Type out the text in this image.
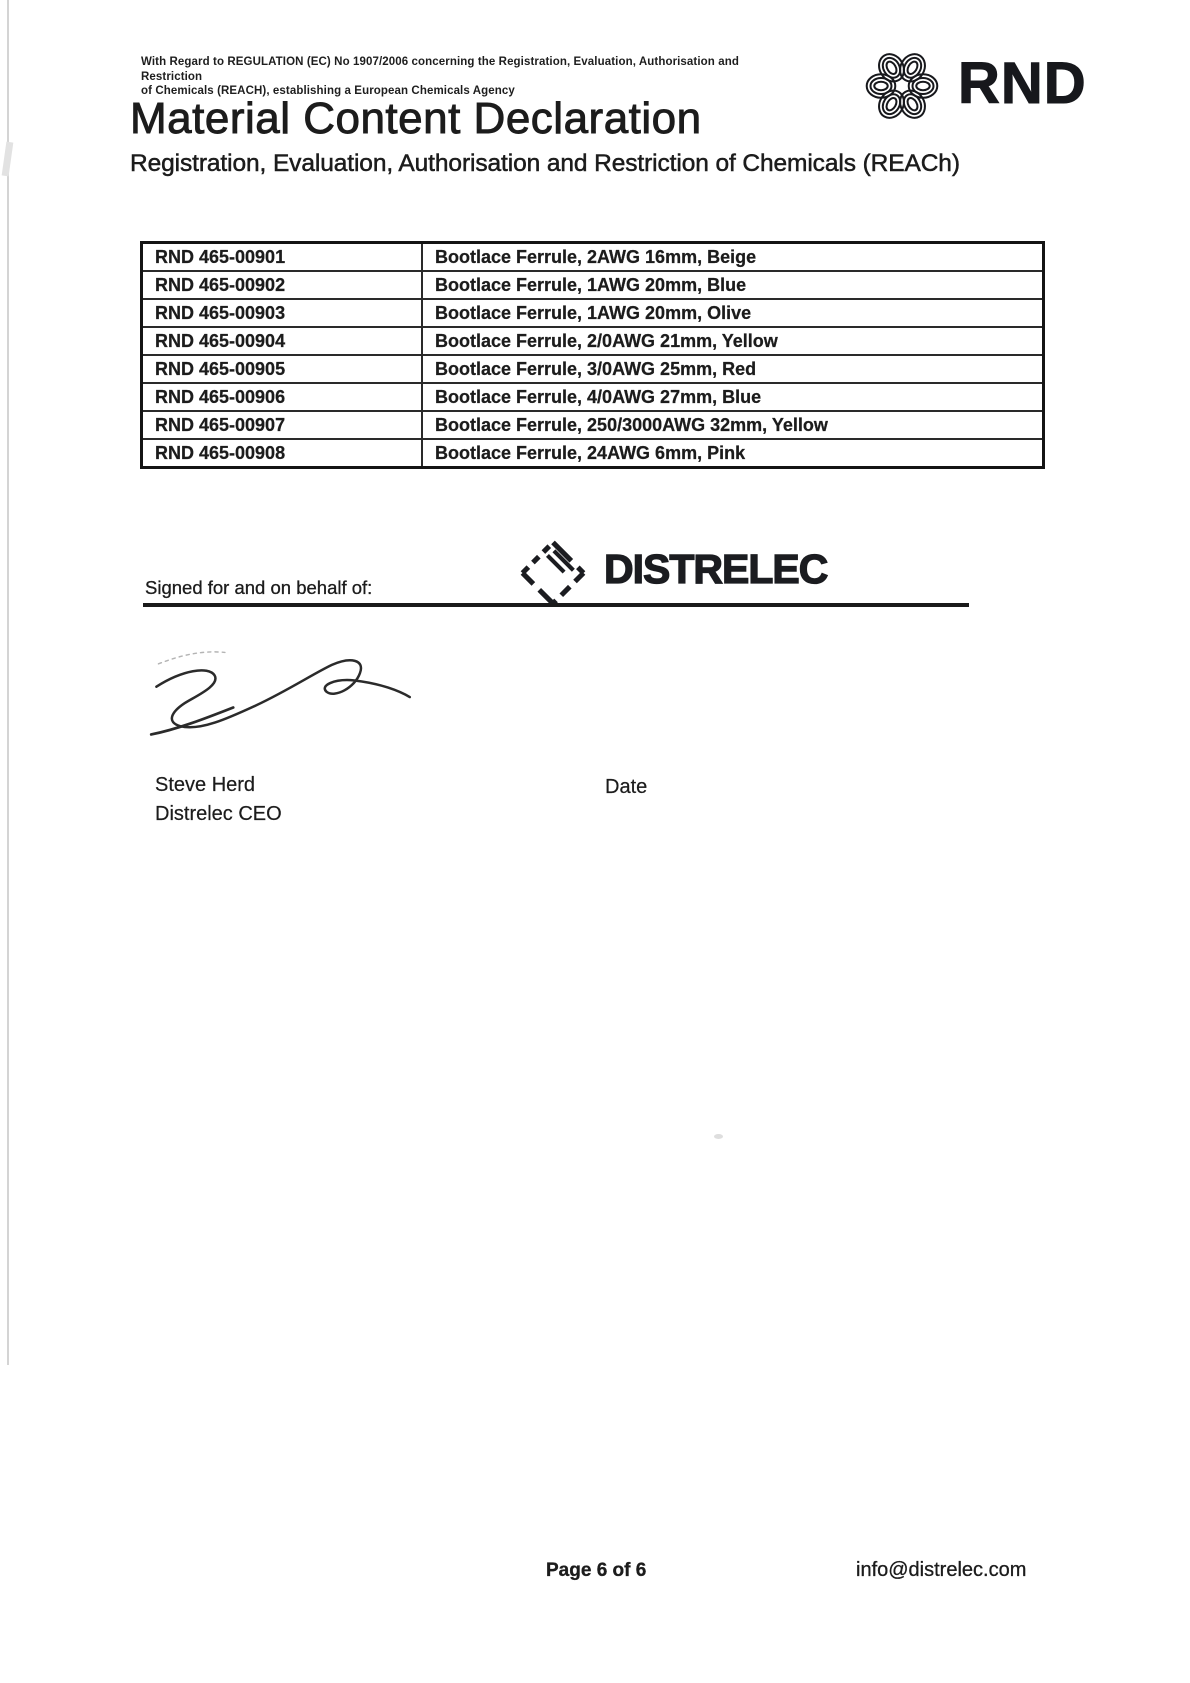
With Regard to REGULATION (EC) No 1907/2006 concerning the Registration, Evaluation, Authorisation and Restriction
of Chemicals (REACH), establishing a European Chemicals Agency	RND
Material Content Declaration
Registration, Evaluation, Authorisation and Restriction of Chemicals (REACh)
RND 465-00901	Bootlace Ferrule, 2AWG 16mm, Beige
RND 465-00902	Bootlace Ferrule, 1AWG 20mm, Blue
RND 465-00903	Bootlace Ferrule, 1AWG 20mm, Olive
RND 465-00904	Bootlace Ferrule, 2/0AWG 21mm, Yellow
RND 465-00905	Bootlace Ferrule, 3/0AWG 25mm, Red
RND 465-00906	Bootlace Ferrule, 4/0AWG 27mm, Blue
RND 465-00907	Bootlace Ferrule, 250/3000AWG 32mm, Yellow
RND 465-00908	Bootlace Ferrule, 24AWG 6mm, Pink
Signed for and on behalf of:	DISTRELEC
Steve Herd
Distrelec CEO
Date
Page 6 of 6	info@distrelec.com
